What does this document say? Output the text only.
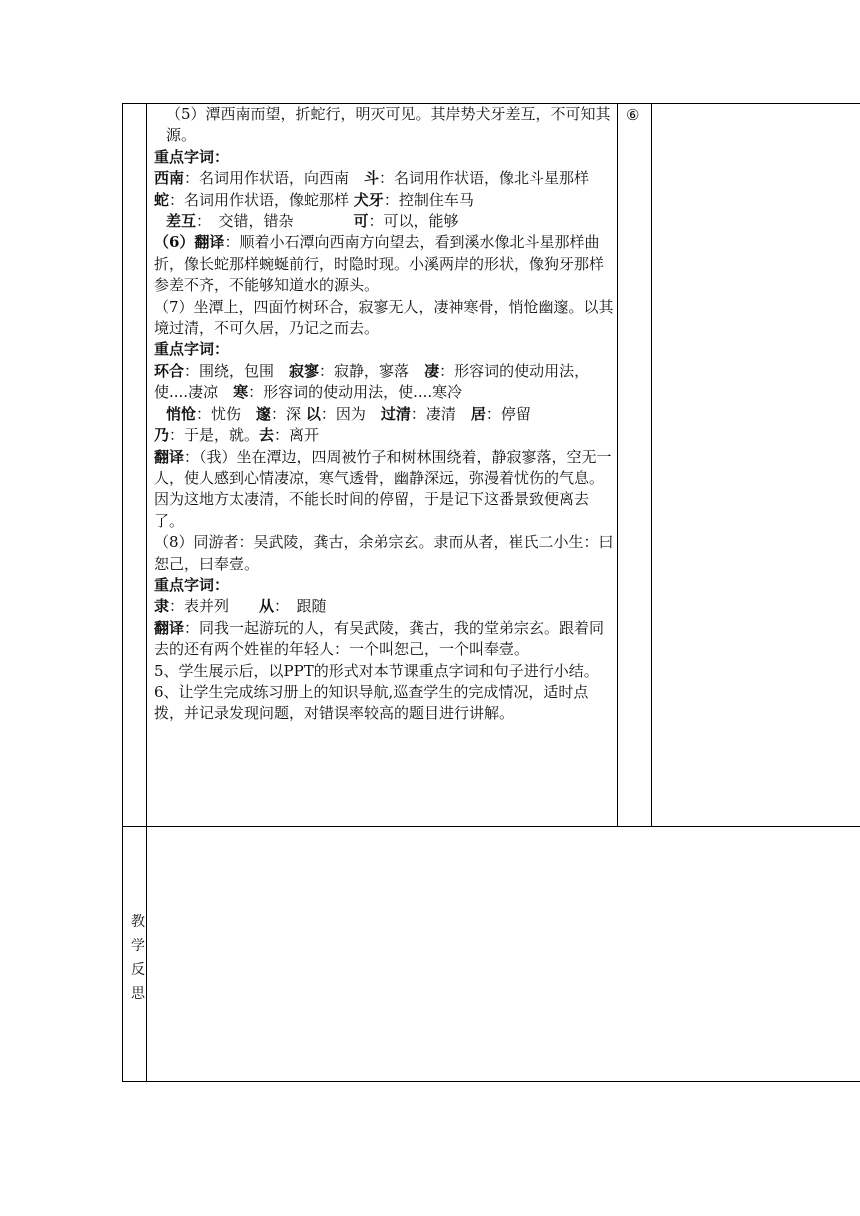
⑥

（5）潭西南而望，折蛇行，明灭可见。其岸势犬牙差互，不可知其源。

重点字词：

西南：名词用作状语，向西南　斗：名词用作状语，像北斗星那样 蛇：名词用作状语，像蛇那样 犬牙：控制住车马

差互：　交错，错杂　　　　可：可以，能够

（6）翻译：顺着小石潭向西南方向望去，看到溪水像北斗星那样曲折，像长蛇那样蜿蜒前行，时隐时现。小溪两岸的形状，像狗牙那样参差不齐，不能够知道水的源头。

（7）坐潭上，四面竹树环合，寂寥无人，凄神寒骨，悄怆幽邃。以其境过清，不可久居，乃记之而去。

重点字词：

环合：围绕，包围　寂寥：寂静，寥落　凄：形容词的使动用法，使....凄凉　寒：形容词的使动用法，使....寒冷

悄怆：忧伤　邃：深 以：因为　过清：凄清　居：停留

乃：于是，就。去：离开

翻译：（我）坐在潭边，四周被竹子和树林围绕着，静寂寥落，空无一人，使人感到心情凄凉，寒气透骨，幽静深远，弥漫着忧伤的气息。因为这地方太凄清，不能长时间的停留，于是记下这番景致便离去了。

（8）同游者：吴武陵，龚古，余弟宗玄。隶而从者，崔氏二小生：曰恕己，曰奉壹。

重点字词：

隶：表并列　　从：　跟随

翻译：同我一起游玩的人，有吴武陵，龚古，我的堂弟宗玄。跟着同去的还有两个姓崔的年轻人：一个叫恕己，一个叫奉壹。

5、学生展示后，以PPT的形式对本节课重点字词和句子进行小结。

6、让学生完成练习册上的知识导航,巡查学生的完成情况，适时点拨，并记录发现问题，对错误率较高的题目进行讲解。

教
学
反
思
